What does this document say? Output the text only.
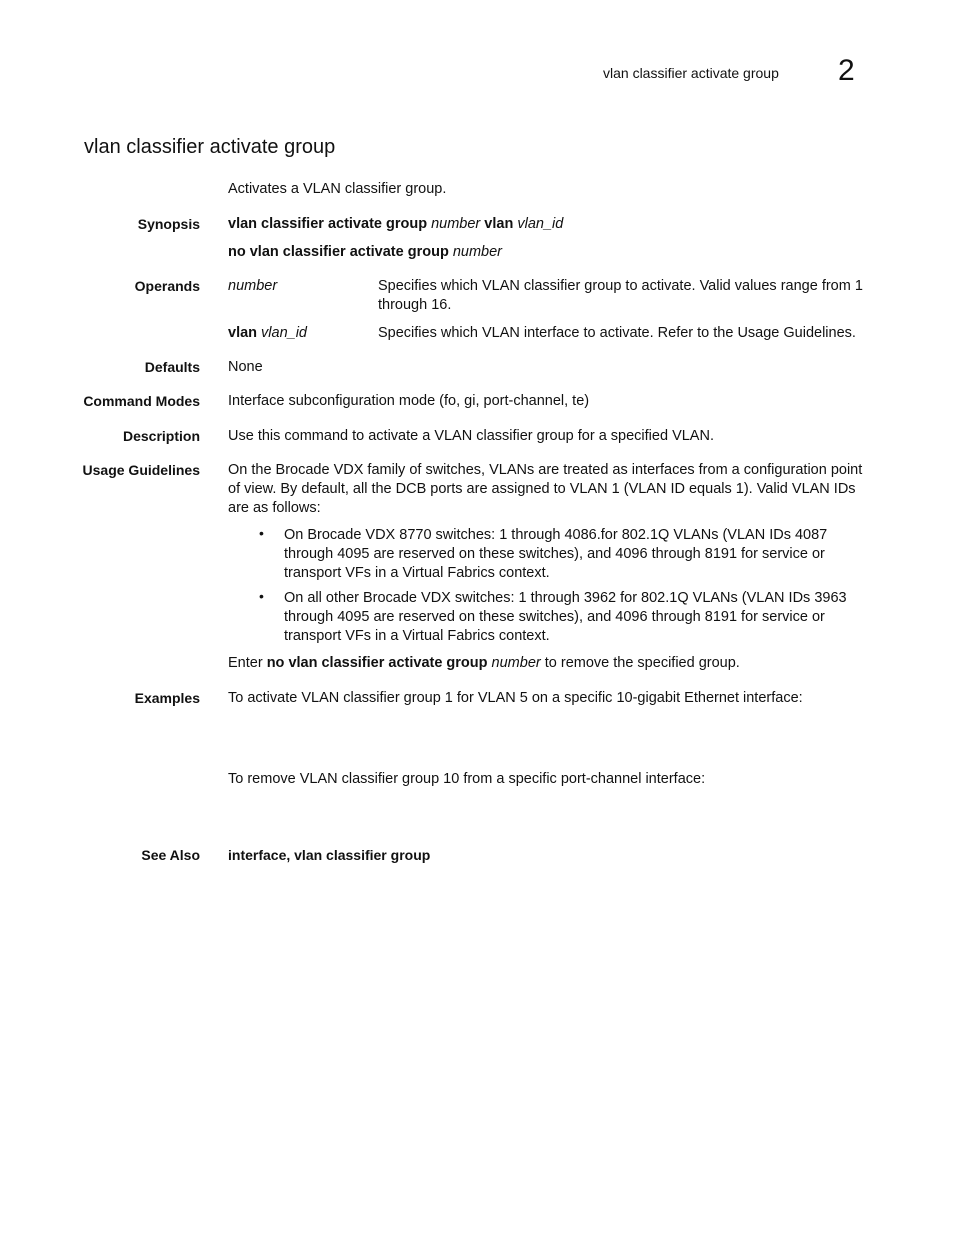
vlan classifier activate group 2
vlan classifier activate group
Activates a VLAN classifier group.
Synopsis vlan classifier activate group number vlan vlan_id
no vlan classifier activate group number
Operands number	Specifies which VLAN classifier group to activate. Valid values range from 1 through 16.
vlan vlan_id	Specifies which VLAN interface to activate. Refer to the Usage Guidelines.
Defaults None
Command Modes Interface subconfiguration mode (fo, gi, port-channel, te)
Description Use this command to activate a VLAN classifier group for a specified VLAN.
Usage Guidelines On the Brocade VDX family of switches, VLANs are treated as interfaces from a configuration point of view. By default, all the DCB ports are assigned to VLAN 1 (VLAN ID equals 1). Valid VLAN IDs are as follows:
• On Brocade VDX 8770 switches: 1 through 4086.for 802.1Q VLANs (VLAN IDs 4087 through 4095 are reserved on these switches), and 4096 through 8191 for service or transport VFs in a Virtual Fabrics context.
• On all other Brocade VDX switches: 1 through 3962 for 802.1Q VLANs (VLAN IDs 3963 through 4095 are reserved on these switches), and 4096 through 8191 for service or transport VFs in a Virtual Fabrics context.
Enter no vlan classifier activate group number to remove the specified group.
Examples To activate VLAN classifier group 1 for VLAN 5 on a specific 10-gigabit Ethernet interface:
To remove VLAN classifier group 10 from a specific port-channel interface:
See Also interface, vlan classifier group
